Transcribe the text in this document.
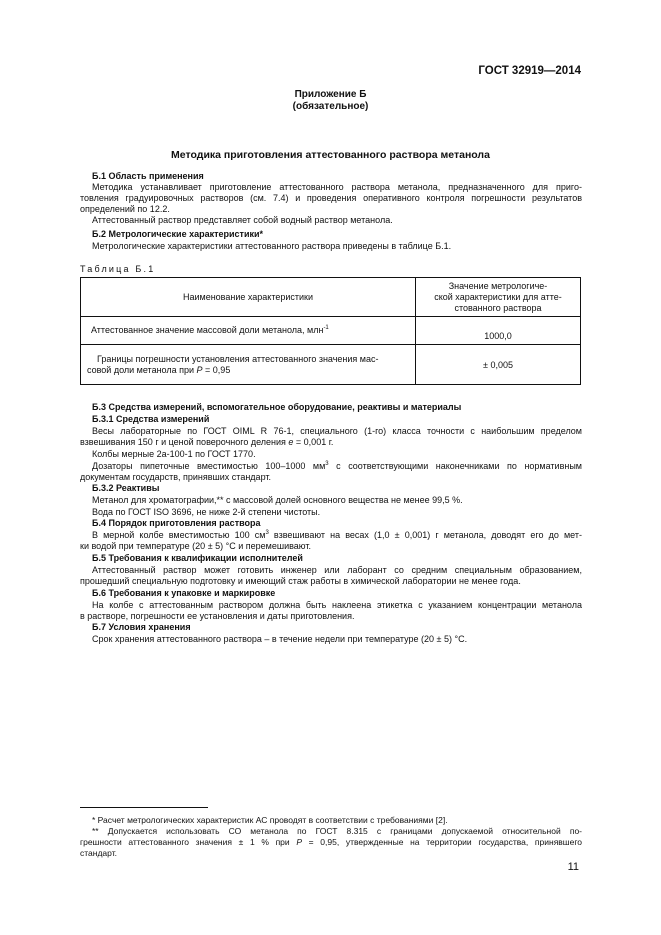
ГОСТ 32919—2014
Приложение Б
(обязательное)
Методика приготовления аттестованного раствора метанола
Б.1 Область применения
Методика устанавливает приготовление аттестованного раствора метанола, предназначенного для приго-
товления градуировочных растворов (см. 7.4) и проведения оперативного контроля погрешности результатов
определений по 12.2.
Аттестованный раствор представляет собой водный раствор метанола.
Б.2 Метрологические характеристики*
Метрологические характеристики аттестованного раствора приведены в таблице Б.1.
Таблица Б.1
Наименование характеристики	Значение метрологиче-
ской характеристики для атте-
стованного раствора

Аттестованное значение массовой доли метанола, млн$^{-1}$	1000,0

Границы погрешности установления аттестованного значения мас-
совой доли метанола при Р = 0,95	± 0,005
Б.3 Средства измерений, вспомогательное оборудование, реактивы и материалы
Б.3.1 Средства измерений
Весы лабораторные по ГОСТ OIML R 76-1, специального (1-го) класса точности с наибольшим пределом
взвешивания 150 г и ценой поверочного деления е = 0,001 г.
Колбы мерные 2а-100-1 по ГОСТ 1770.
Дозаторы пипеточные вместимостью 100–1000 $мм^3$ с соответствующими наконечниками по нормативным
документам государств, принявших стандарт.
Б.3.2 Реактивы
Метанол для хроматографии,** с массовой долей основного вещества не менее 99,5 %.
Вода по ГОСТ ISO 3696, не ниже 2-й степени чистоты.
Б.4 Порядок приготовления раствора
В мерной колбе вместимостью 100 $см^3$ взвешивают на весах (1,0 ± 0,001) г метанола, доводят его до мет-
ки водой при температуре (20 ± 5) °С и перемешивают.
Б.5 Требования к квалификации исполнителей
Аттестованный раствор может готовить инженер или лаборант со средним специальным образованием,
прошедший специальную подготовку и имеющий стаж работы в химической лаборатории не менее года.
Б.6 Требования к упаковке и маркировке
На колбе с аттестованным раствором должна быть наклеена этикетка с указанием концентрации метанола
в растворе, погрешности ее установления и даты приготовления.
Б.7 Условия хранения
Срок хранения аттестованного раствора – в течение недели при температуре (20 ± 5) °С.
* Расчет метрологических характеристик АС проводят в соответствии с требованиями [2].
** Допускается использовать СО метанола по ГОСТ 8.315 с границами допускаемой относительной по-
грешности аттестованного значения ± 1 % при Р = 0,95, утвержденные на территории государства, принявшего
стандарт.
11
